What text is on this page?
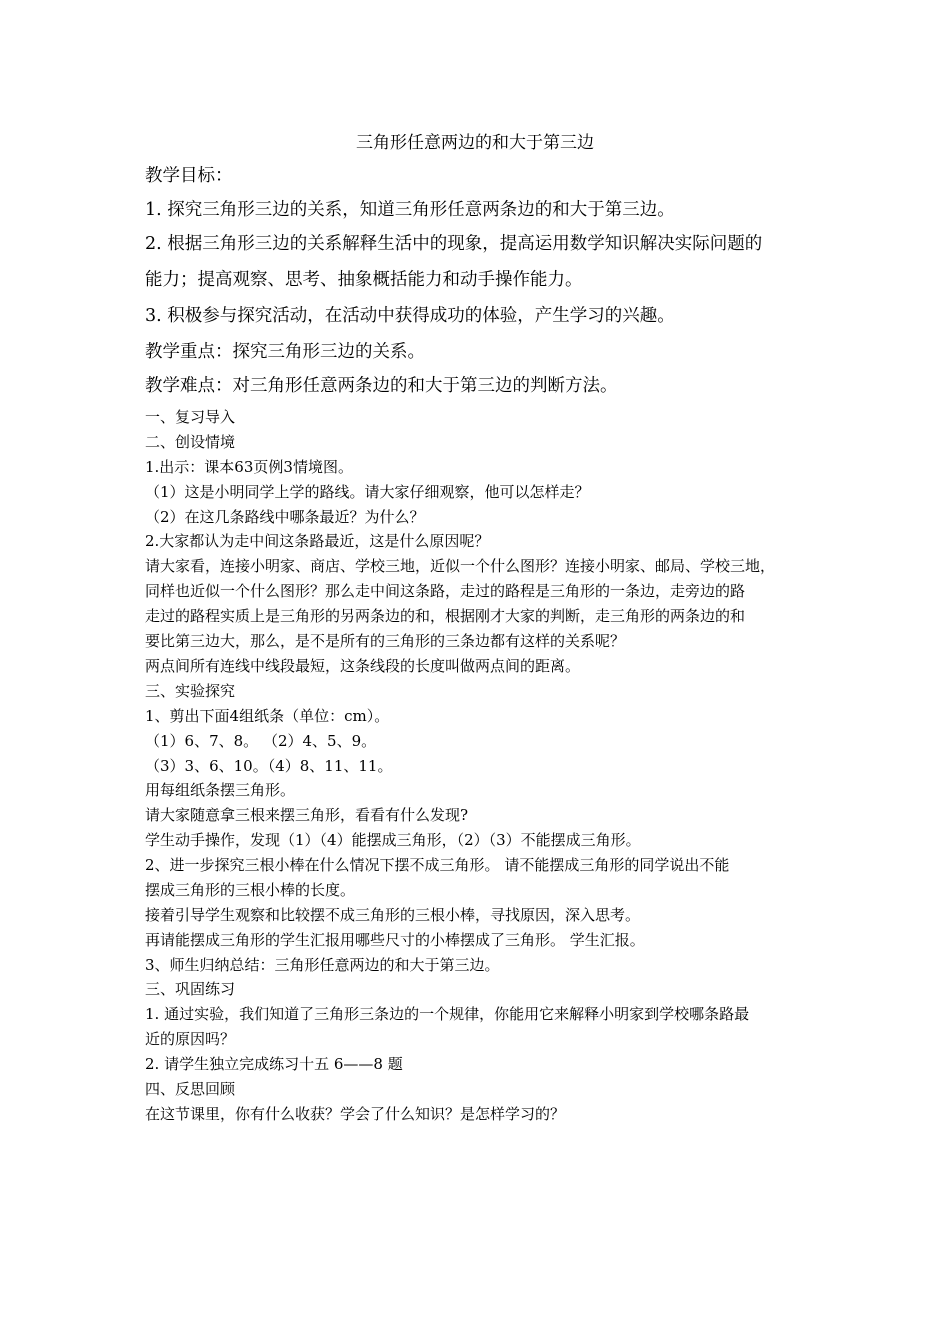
三角形任意两边的和大于第三边
教学目标：
1. 探究三角形三边的关系，知道三角形任意两条边的和大于第三边。
2. 根据三角形三边的关系解释生活中的现象，提高运用数学知识解决实际问题的
能力；提高观察、思考、抽象概括能力和动手操作能力。
3. 积极参与探究活动，在活动中获得成功的体验，产生学习的兴趣。
教学重点：探究三角形三边的关系。
教学难点：对三角形任意两条边的和大于第三边的判断方法。
一、复习导入
二、创设情境
1.出示：课本63页例3情境图。
（1）这是小明同学上学的路线。请大家仔细观察，他可以怎样走？
（2）在这几条路线中哪条最近？为什么？
2.大家都认为走中间这条路最近，这是什么原因呢？
请大家看，连接小明家、商店、学校三地，近似一个什么图形？连接小明家、邮局、学校三地，
同样也近似一个什么图形？那么走中间这条路，走过的路程是三角形的一条边，走旁边的路
走过的路程实质上是三角形的另两条边的和，根据刚才大家的判断，走三角形的两条边的和
要比第三边大，那么，是不是所有的三角形的三条边都有这样的关系呢？
两点间所有连线中线段最短，这条线段的长度叫做两点间的距离。
三、实验探究
1、剪出下面4组纸条（单位：cm）。
（1）6、7、8。 （2）4、5、9。
（3）3、6、10。（4）8、11、11。
用每组纸条摆三角形。
请大家随意拿三根来摆三角形，看看有什么发现?
学生动手操作，发现（1）（4）能摆成三角形，（2）（3）不能摆成三角形。
2、进一步探究三根小棒在什么情况下摆不成三角形。 请不能摆成三角形的同学说出不能
摆成三角形的三根小棒的长度。
接着引导学生观察和比较摆不成三角形的三根小棒，寻找原因，深入思考。
再请能摆成三角形的学生汇报用哪些尺寸的小棒摆成了三角形。 学生汇报。
3、师生归纳总结：三角形任意两边的和大于第三边。
三、巩固练习
1. 通过实验，我们知道了三角形三条边的一个规律，你能用它来解释小明家到学校哪条路最
近的原因吗？
2. 请学生独立完成练习十五 6——8 题
四、反思回顾
在这节课里，你有什么收获？学会了什么知识？是怎样学习的？
